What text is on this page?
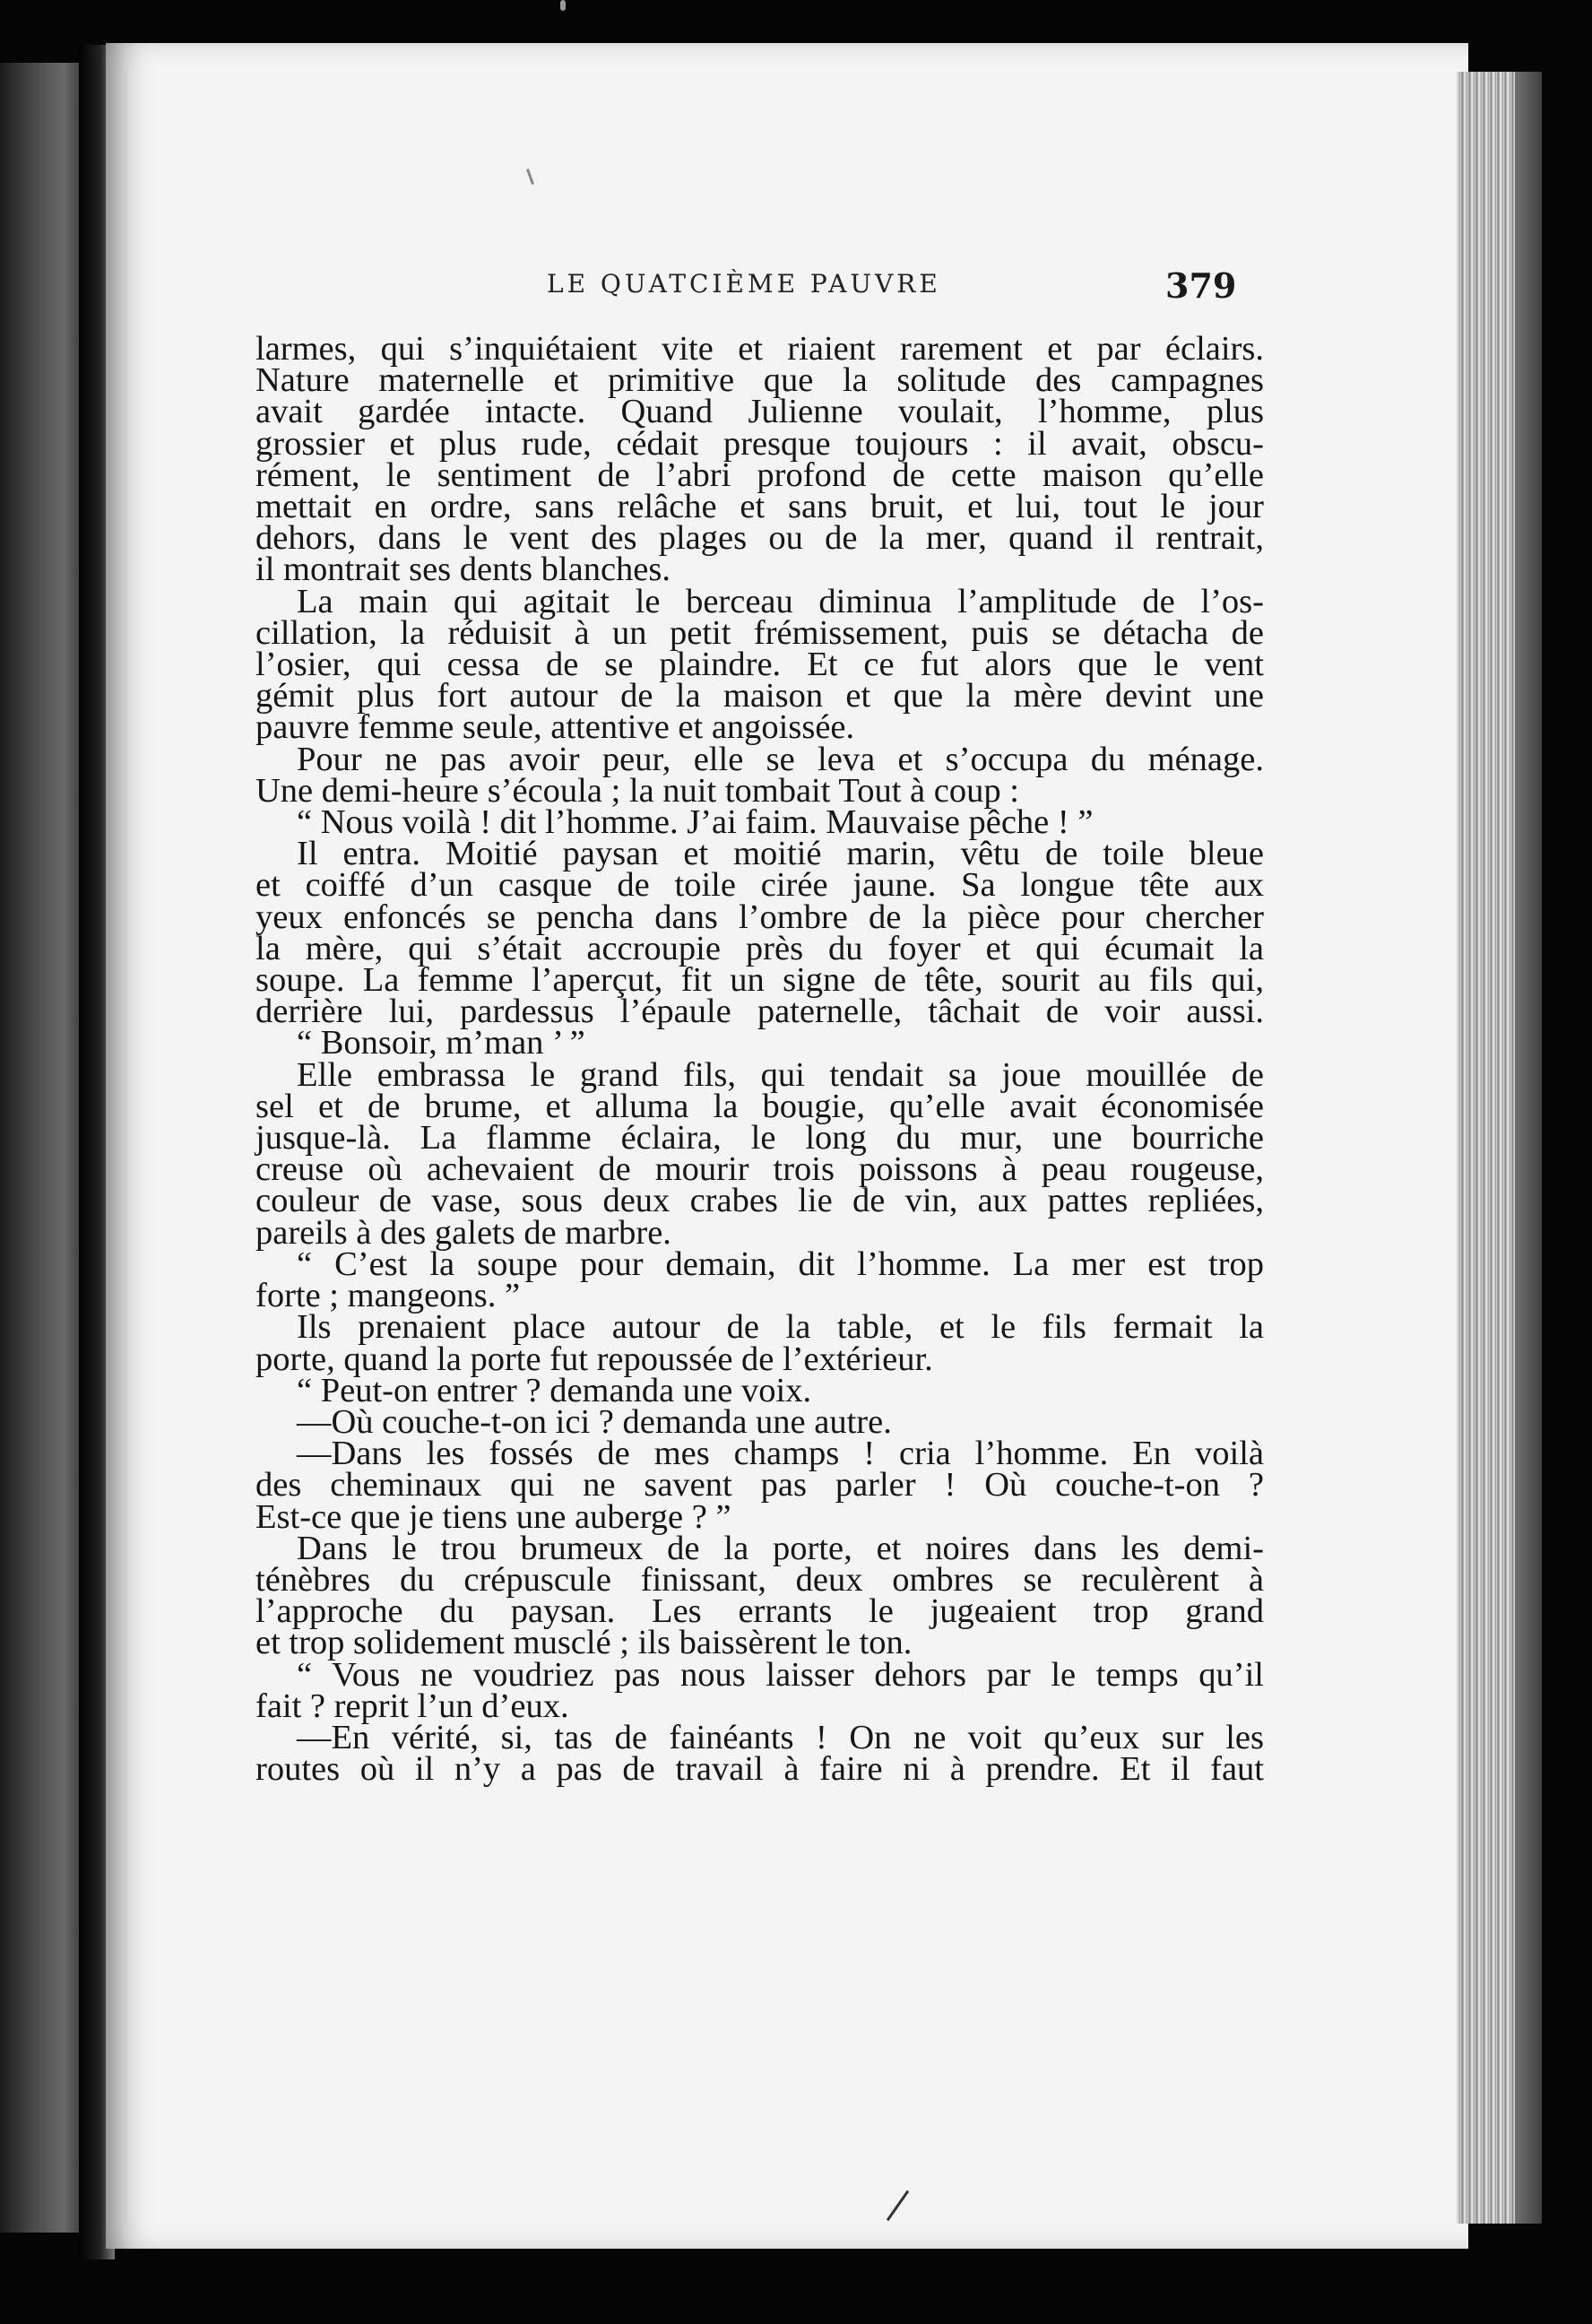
LE QUATCIÈME PAUVRE	379
larmes, qui s’inquiétaient vite et riaient rarement et par éclairs.
Nature maternelle et primitive que la solitude des campagnes
avait gardée intacte. Quand Julienne voulait, l’homme, plus
grossier et plus rude, cédait presque toujours : il avait, obscu-
rément, le sentiment de l’abri profond de cette maison qu’elle
mettait en ordre, sans relâche et sans bruit, et lui, tout le jour
dehors, dans le vent des plages ou de la mer, quand il rentrait,
il montrait ses dents blanches.
La main qui agitait le berceau diminua l’amplitude de l’os-
cillation, la réduisit à un petit frémissement, puis se détacha de
l’osier, qui cessa de se plaindre. Et ce fut alors que le vent
gémit plus fort autour de la maison et que la mère devint une
pauvre femme seule, attentive et angoissée.
Pour ne pas avoir peur, elle se leva et s’occupa du ménage.
Une demi-heure s’écoula ; la nuit tombait Tout à coup :
“ Nous voilà ! dit l’homme. J’ai faim. Mauvaise pêche ! ”
Il entra. Moitié paysan et moitié marin, vêtu de toile bleue
et coiffé d’un casque de toile cirée jaune. Sa longue tête aux
yeux enfoncés se pencha dans l’ombre de la pièce pour chercher
la mère, qui s’était accroupie près du foyer et qui écumait la
soupe. La femme l’aperçut, fit un signe de tête, sourit au fils qui,
derrière lui, pardessus l’épaule paternelle, tâchait de voir aussi.
“ Bonsoir, m’man ’ ”
Elle embrassa le grand fils, qui tendait sa joue mouillée de
sel et de brume, et alluma la bougie, qu’elle avait économisée
jusque-là. La flamme éclaira, le long du mur, une bourriche
creuse où achevaient de mourir trois poissons à peau rougeuse,
couleur de vase, sous deux crabes lie de vin, aux pattes repliées,
pareils à des galets de marbre.
“ C’est la soupe pour demain, dit l’homme. La mer est trop
forte ; mangeons. ”
Ils prenaient place autour de la table, et le fils fermait la
porte, quand la porte fut repoussée de l’extérieur.
“ Peut-on entrer ? demanda une voix.
—Où couche-t-on ici ? demanda une autre.
—Dans les fossés de mes champs ! cria l’homme. En voilà
des cheminaux qui ne savent pas parler ! Où couche-t-on ?
Est-ce que je tiens une auberge ? ”
Dans le trou brumeux de la porte, et noires dans les demi-
ténèbres du crépuscule finissant, deux ombres se reculèrent à
l’approche du paysan. Les errants le jugeaient trop grand
et trop solidement musclé ; ils baissèrent le ton.
“ Vous ne voudriez pas nous laisser dehors par le temps qu’il
fait ? reprit l’un d’eux.
—En vérité, si, tas de fainéants ! On ne voit qu’eux sur les
routes où il n’y a pas de travail à faire ni à prendre. Et il faut
